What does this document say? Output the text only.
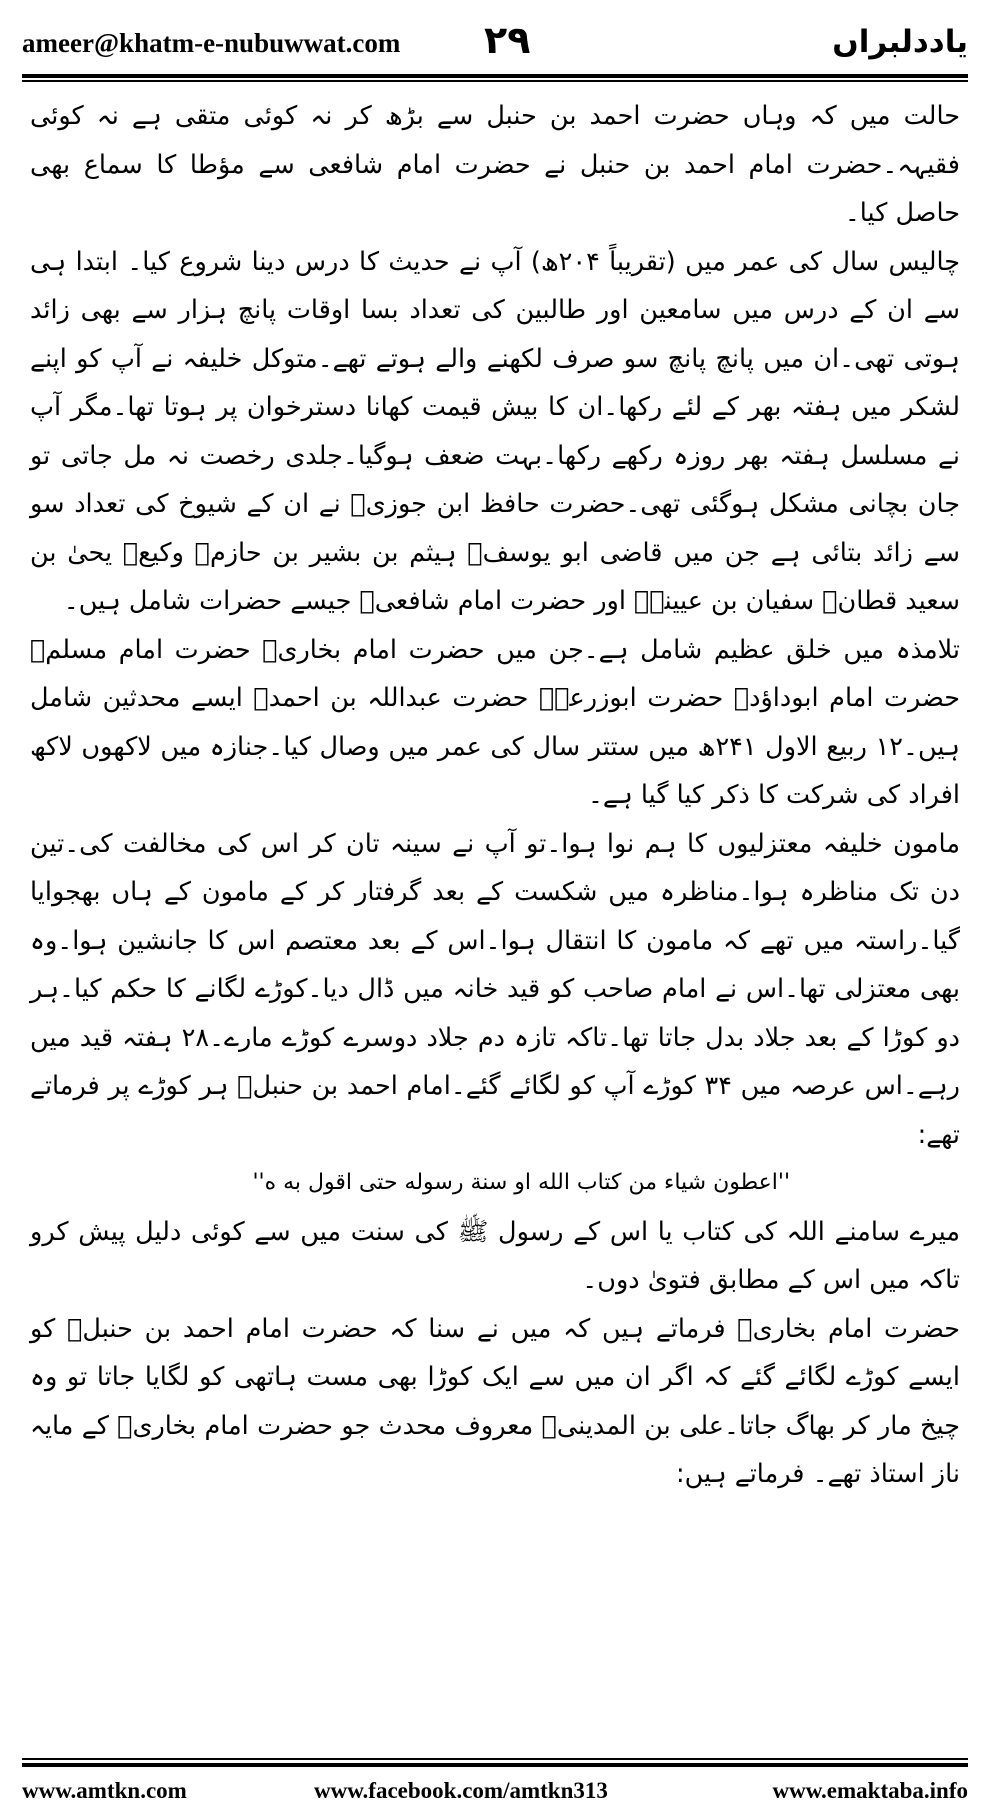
ameer@khatm-e-nubuwwat.com ٢٩	یاددلبراں

حالت میں کہ وہاں حضرت احمد بن حنبل سے بڑھ کر نہ کوئی متقی ہے نہ کوئی فقیہہ۔حضرت امام احمد بن حنبل نے حضرت امام شافعی سے مؤطا کا سماع بھی حاصل کیا۔

چالیس سال کی عمر میں (تقریباً ۲۰۴ھ) آپ نے حدیث کا درس دینا شروع کیا۔ ابتدا ہی سے ان کے درس میں سامعین اور طالبین کی تعداد بسا اوقات پانچ ہزار سے بھی زائد ہوتی تھی۔ان میں پانچ پانچ سو صرف لکھنے والے ہوتے تھے۔متوکل خلیفہ نے آپ کو اپنے لشکر میں ہفتہ بھر کے لئے رکھا۔ان کا بیش قیمت کھانا دسترخوان پر ہوتا تھا۔مگر آپ نے مسلسل ہفتہ بھر روزہ رکھے رکھا۔بہت ضعف ہوگیا۔جلدی رخصت نہ مل جاتی تو جان بچانی مشکل ہوگئی تھی۔حضرت حافظ ابن جوزیؒ نے ان کے شیوخ کی تعداد سو سے زائد بتائی ہے جن میں قاضی ابو یوسفؒ ہیثم بن بشیر بن حازمؒ وکیعؒ یحیٰ بن سعید قطانؒ سفیان بن عیینہؒ اور حضرت امام شافعیؒ جیسے حضرات شامل ہیں۔

تلامذہ میں خلق عظیم شامل ہے۔جن میں حضرت امام بخاریؒ حضرت امام مسلمؒ حضرت امام ابوداؤدؒ حضرت ابوزرعہؒ حضرت عبداللہ بن احمدؒ ایسے محدثین شامل ہیں۔۱۲ ربیع الاول ۲۴۱ھ میں ستتر سال کی عمر میں وصال کیا۔جنازہ میں لاکھوں لاکھ افراد کی شرکت کا ذکر کیا گیا ہے۔

مامون خلیفہ معتزلیوں کا ہم نوا ہوا۔تو آپ نے سینہ تان کر اس کی مخالفت کی۔تین دن تک مناظرہ ہوا۔مناظرہ میں شکست کے بعد گرفتار کر کے مامون کے ہاں بھجوایا گیا۔راستہ میں تھے کہ مامون کا انتقال ہوا۔اس کے بعد معتصم اس کا جانشین ہوا۔وہ بھی معتزلی تھا۔اس نے امام صاحب کو قید خانہ میں ڈال دیا۔کوڑے لگانے کا حکم کیا۔ہر دو کوڑا کے بعد جلاد بدل جاتا تھا۔تاکہ تازہ دم جلاد دوسرے کوڑے مارے۔۲۸ ہفتہ قید میں رہے۔اس عرصہ میں ۳۴ کوڑے آپ کو لگائے گئے۔امام احمد بن حنبلؒ ہر کوڑے پر فرماتے تھے:

''اعطون شیاء من کتاب الله او سنة رسوله حتی اقول به ه''

میرے سامنے اللہ کی کتاب یا اس کے رسول ﷺ کی سنت میں سے کوئی دلیل پیش کرو تاکہ میں اس کے مطابق فتویٰ دوں۔

حضرت امام بخاریؒ فرماتے ہیں کہ میں نے سنا کہ حضرت امام احمد بن حنبلؒ کو ایسے کوڑے لگائے گئے کہ اگر ان میں سے ایک کوڑا بھی مست ہاتھی کو لگایا جاتا تو وہ چیخ مار کر بھاگ جاتا۔علی بن المدینیؒ معروف محدث جو حضرت امام بخاریؒ کے مایہ ناز استاذ تھے۔ فرماتے ہیں:

www.amtkn.com	www.facebook.com/amtkn313	www.emaktaba.info
